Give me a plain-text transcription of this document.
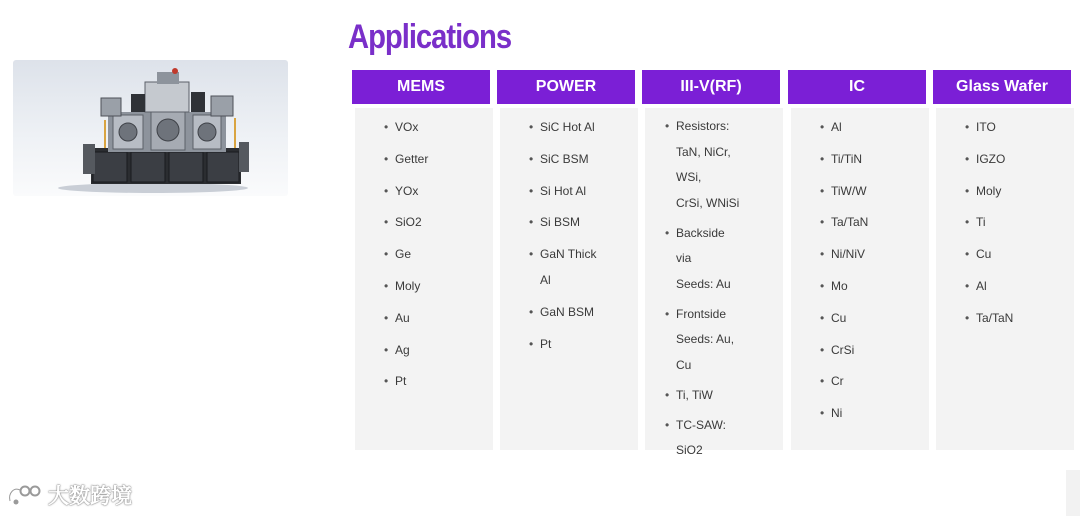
Applications
MEMS
• VOx
• Getter
• YOx
• SiO2
• Ge
• Moly
• Au
• Ag
• Pt
POWER
• SiC Hot Al
• SiC BSM
• Si Hot Al
• Si BSM
• GaN Thick
Al
• GaN BSM
• Pt
III-V(RF)
• Resistors:
TaN, NiCr,
WSi,
CrSi, WNiSi
• Backside
via
Seeds: Au
• Frontside
Seeds: Au,
Cu
• Ti, TiW
• TC-SAW:
SiO2
IC
• Al
• Ti/TiN
• TiW/W
• Ta/TaN
• Ni/NiV
• Mo
• Cu
• CrSi
• Cr
• Ni
Glass Wafer
• ITO
• IGZO
• Moly
• Ti
• Cu
• Al
• Ta/TaN
大数跨境
